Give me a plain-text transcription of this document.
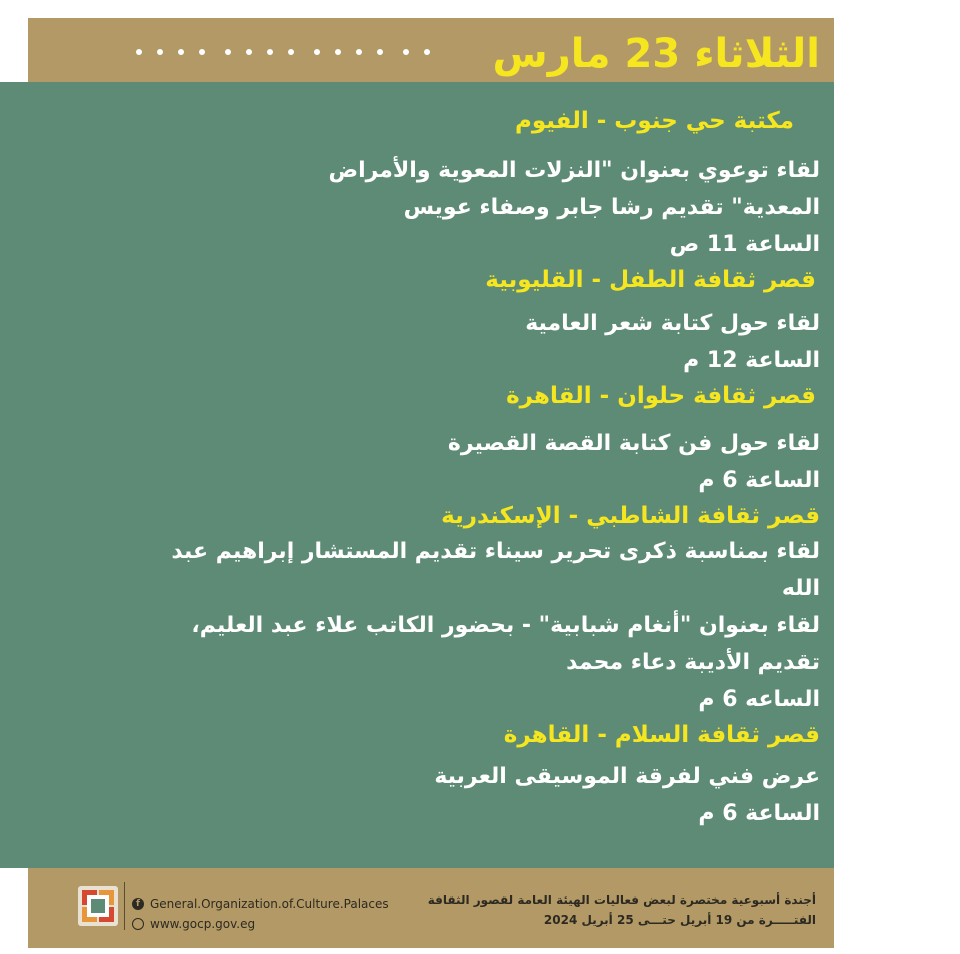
الثلاثاء 23 مارس
مكتبة حي جنوب - الفيوم
لقاء توعوي بعنوان "النزلات المعوية والأمراض
المعدية" تقديم رشا جابر وصفاء عويس
الساعة 11 ص
قصر ثقافة الطفل - القليوبية
لقاء حول كتابة شعر العامية
الساعة 12 م
قصر ثقافة حلوان - القاهرة
لقاء حول فن كتابة القصة القصيرة
الساعة 6 م
قصر ثقافة الشاطبي - الإسكندرية
لقاء بمناسبة ذكرى تحرير سيناء تقديم المستشار إبراهيم عبد الله
لقاء بعنوان "أنغام شبابية" - بحضور الكاتب علاء عبد العليم،
تقديم الأديبة دعاء محمد
الساعه 6 م
قصر ثقافة السلام - القاهرة
عرض فني لفرقة الموسيقى العربية
الساعة 6 م
f General.Organization.of.Culture.Palaces
www.gocp.gov.eg
أجندة أسبوعية مختصرة لبعض فعاليات الهيئة العامة لقصور الثقافة
الفتـــــرة من 19 أبريل حتـــى 25 أبريل 2024
